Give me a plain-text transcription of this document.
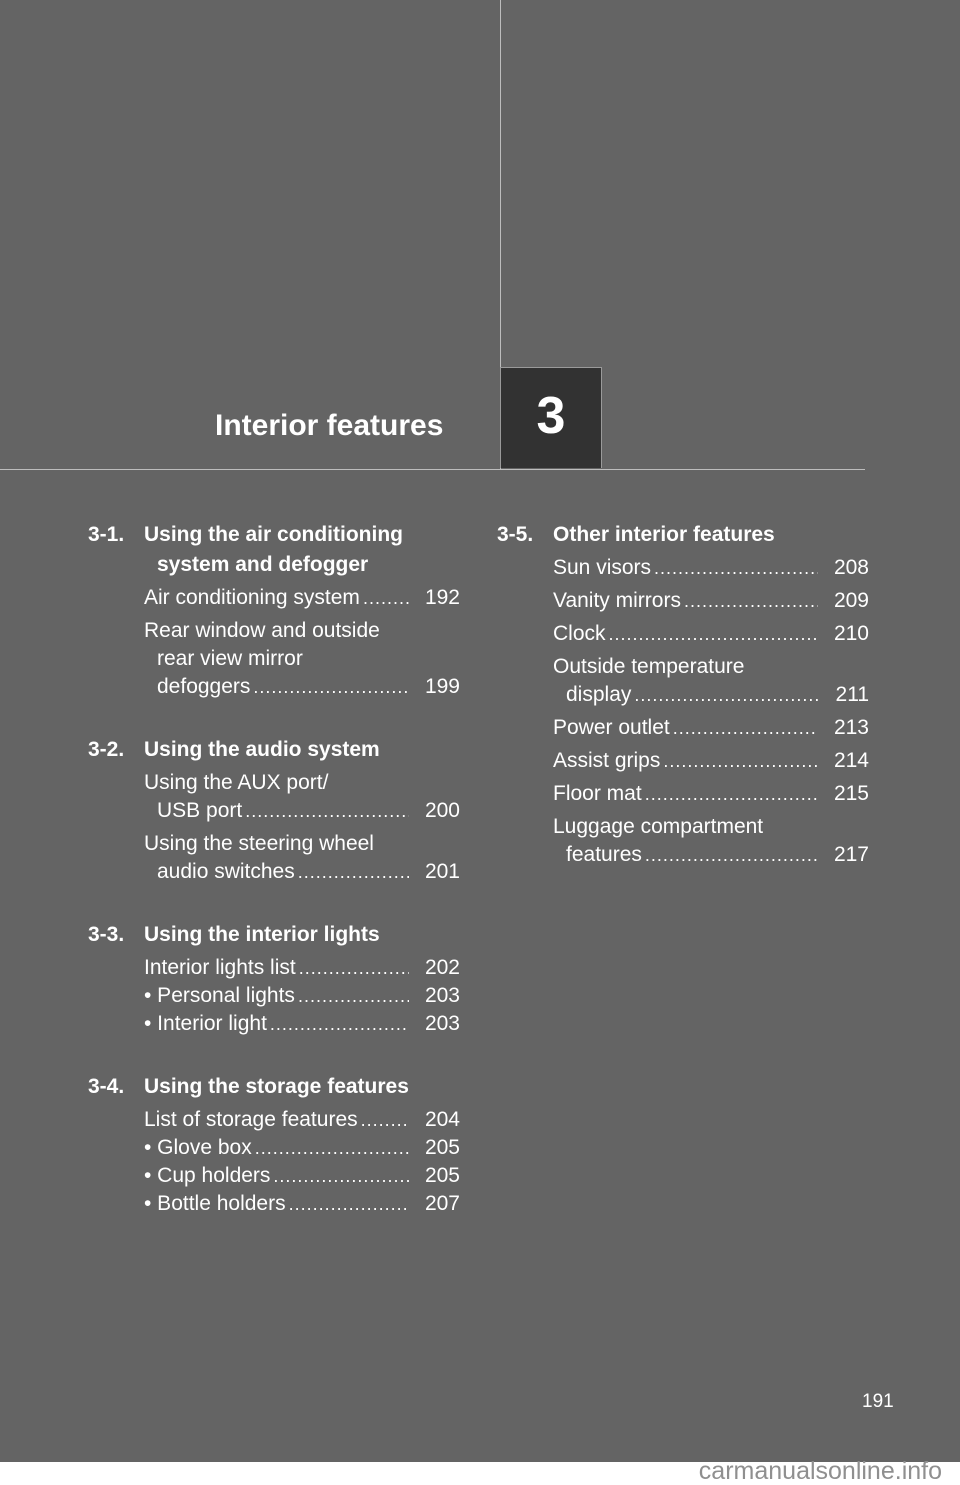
Interior features 3
3-1. Using the air conditioning
system and defogger
Air conditioning system .....	192
Rear window and outside
rear view mirror
defoggers .....	199
3-2. Using the audio system
Using the AUX port/
USB port .....	200
Using the steering wheel
audio switches .....	201
3-3. Using the interior lights
Interior lights list .....	202
• Personal lights .....	203
• Interior light .....	203
3-4. Using the storage features
List of storage features .....	204
• Glove box .....	205
• Cup holders .....	205
• Bottle holders .....	207
3-5. Other interior features
Sun visors .....	208
Vanity mirrors .....	209
Clock .....	210
Outside temperature
display .....	211
Power outlet .....	213
Assist grips .....	214
Floor mat .....	215
Luggage compartment
features .....	217
191
carmanualsonline.info
